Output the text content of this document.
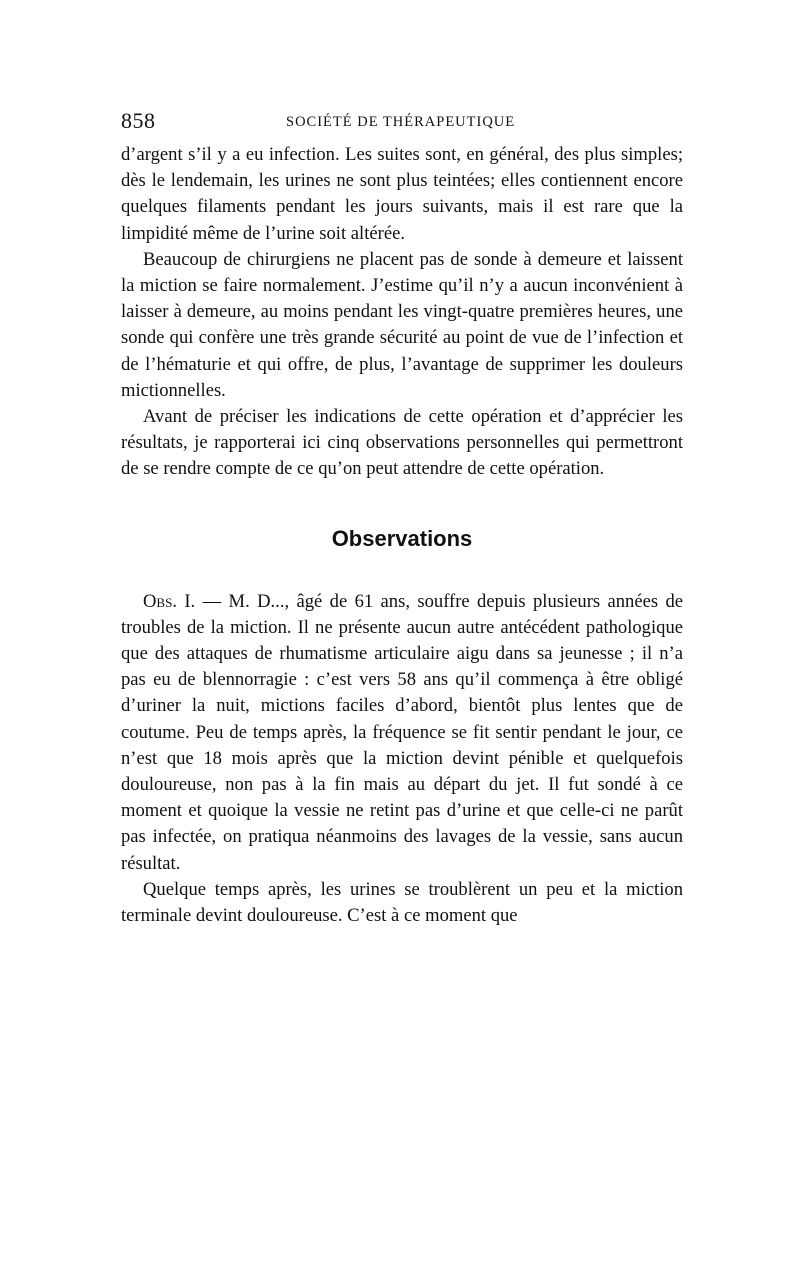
858	SOCIÉTÉ DE THÉRAPEUTIQUE

d’argent s’il y a eu infection. Les suites sont, en général, des plus simples; dès le lendemain, les urines ne sont plus teintées; elles contiennent encore quelques filaments pendant les jours suivants, mais il est rare que la limpidité même de l’urine soit altérée.

Beaucoup de chirurgiens ne placent pas de sonde à demeure et laissent la miction se faire normalement. J’estime qu’il n’y a aucun inconvénient à laisser à demeure, au moins pendant les vingt-quatre premières heures, une sonde qui confère une très grande sécurité au point de vue de l’infection et de l’hématurie et qui offre, de plus, l’avantage de supprimer les douleurs mictionnelles.

Avant de préciser les indications de cette opération et d’apprécier les résultats, je rapporterai ici cinq observations personnelles qui permettront de se rendre compte de ce qu’on peut attendre de cette opération.

Observations

Obs. I. — M. D..., âgé de 61 ans, souffre depuis plusieurs années de troubles de la miction. Il ne présente aucun autre antécédent pathologique que des attaques de rhumatisme articulaire aigu dans sa jeunesse ; il n’a pas eu de blennorragie : c’est vers 58 ans qu’il commença à être obligé d’uriner la nuit, mictions faciles d’abord, bientôt plus lentes que de coutume. Peu de temps après, la fréquence se fit sentir pendant le jour, ce n’est que 18 mois après que la miction devint pénible et quelquefois douloureuse, non pas à la fin mais au départ du jet. Il fut sondé à ce moment et quoique la vessie ne retint pas d’urine et que celle-ci ne parût pas infectée, on pratiqua néanmoins des lavages de la vessie, sans aucun résultat.

Quelque temps après, les urines se troublèrent un peu et la miction terminale devint douloureuse. C’est à ce moment que
